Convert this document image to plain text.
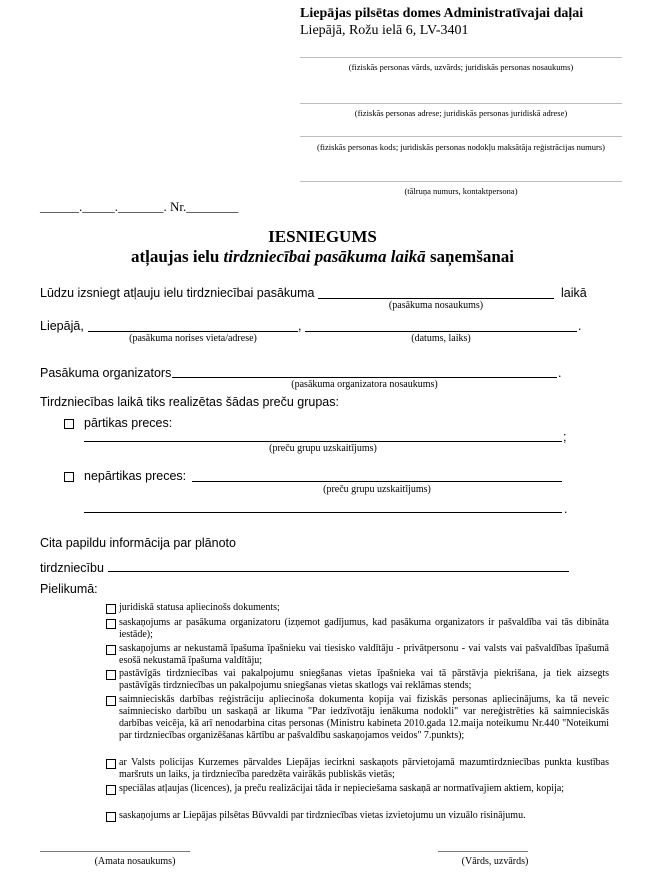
Liepājas pilsētas domes Administratīvajai daļai
Liepājā, Rožu ielā 6, LV-3401
(fiziskās personas vārds, uzvārds; juridiskās personas nosaukums)
(fiziskās personas adrese; juridiskās personas juridiskā adrese)
(fiziskās personas kods; juridiskās personas nodokļu maksātāja reģistrācijas numurs)
(tālruņa numurs, kontaktpersona)
______._____._______. Nr.________
IESNIEGUMS
atļaujas ielu tirdzniecībai pasākuma laikā saņemšanai
Lūdzu izsniegt atļauju ielu tirdzniecībai pasākuma	laikā
(pasākuma nosaukums)
Liepājā,	,	.
(pasākuma norises vieta/adrese)	(datums, laiks)
Pasākuma organizators	.
(pasākuma organizatora nosaukums)
Tirdzniecības laikā tiks realizētas šādas preču grupas:
pārtikas preces:
;
(preču grupu uzskaitījums)
nepārtikas preces:
(preču grupu uzskaitījums)
.
Cita papildu informācija par plānoto
tirdzniecību
Pielikumā:
juridiskā statusa apliecinošs dokuments;
saskaņojums ar pasākuma organizatoru (izņemot gadījumus, kad pasākuma organizators ir pašvaldība vai tās dibināta iestāde);
saskaņojums ar nekustamā īpašuma īpašnieku vai tiesisko valdītāju - privātpersonu - vai valsts vai pašvaldības īpašumā esošā nekustamā īpašuma valdītāju;
pastāvīgās tirdzniecības vai pakalpojumu sniegšanas vietas īpašnieka vai tā pārstāvja piekrišana, ja tiek aizsegts pastāvīgās tirdzniecības un pakalpojumu sniegšanas vietas skatlogs vai reklāmas stends;
saimnieciskās darbības reģistrāciju apliecinoša dokumenta kopija vai fiziskās personas apliecinājums, ka tā neveic saimniecisko darbību un saskaņā ar likuma "Par iedzīvotāju ienākuma nodokli" var nereģistrēties kā saimnieciskās darbības veicēja, kā arī nenodarbina citas personas (Ministru kabineta 2010.gada 12.maija noteikumu Nr.440 "Noteikumi par tirdzniecības organizēšanas kārtību ar pašvaldību saskaņojamos veidos" 7.punkts);
ar Valsts policijas Kurzemes pārvaldes Liepājas iecirkni saskaņots pārvietojamā mazumtirdzniecības punkta kustības maršruts un laiks, ja tirdzniecība paredzēta vairākās publiskās vietās;
speciālas atļaujas (licences), ja preču realizācijai tāda ir nepieciešama saskaņā ar normatīvajiem aktiem, kopija;
saskaņojums ar Liepājas pilsētas Būvvaldi par tirdzniecības vietas izvietojumu un vizuālo risinājumu.
______________________________
(Amata nosaukums)
__________________
(Vārds, uzvārds)
